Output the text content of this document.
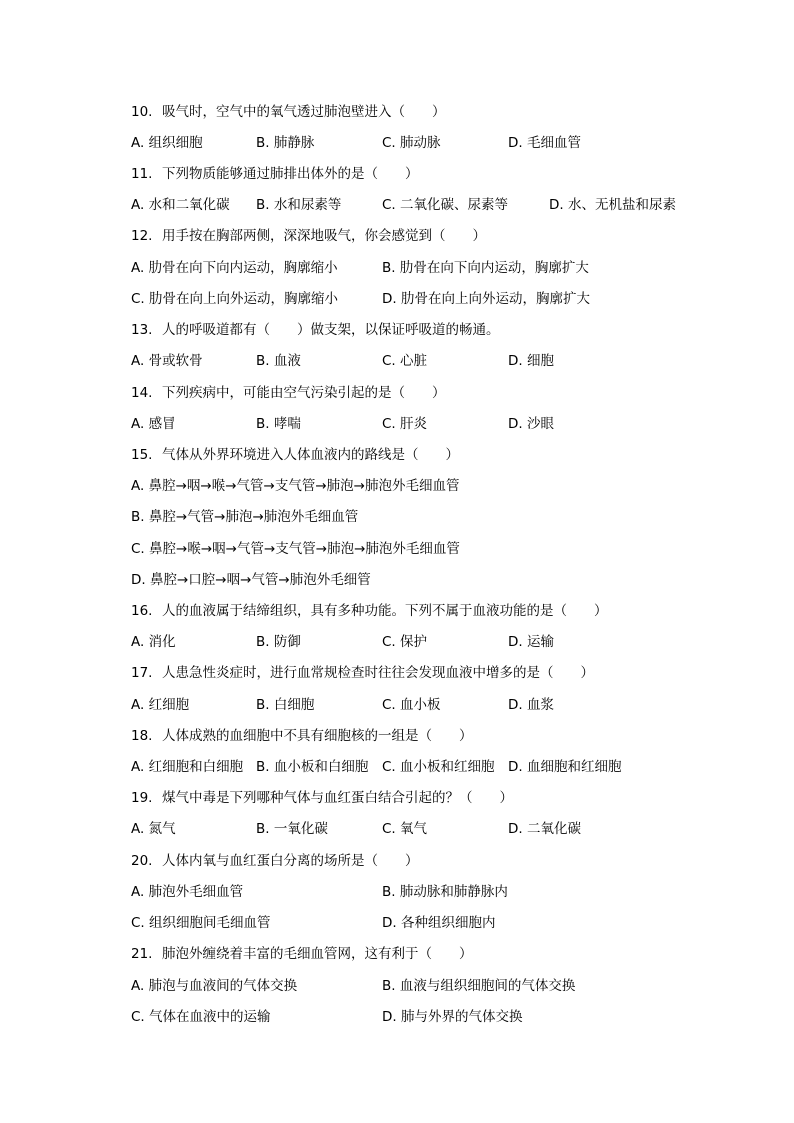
10. 吸气时，空气中的氧气透过肺泡壁进入（　　）
A. 组织细胞	B. 肺静脉	C. 肺动脉	D. 毛细血管
11. 下列物质能够通过肺排出体外的是（　　）
A. 水和二氧化碳 B. 水和尿素等	C. 二氧化碳、尿素等	D. 水、无机盐和尿素
12. 用手按在胸部两侧，深深地吸气，你会感觉到（　　）
A. 肋骨在向下向内运动，胸廓缩小	B. 肋骨在向下向内运动，胸廓扩大
C. 肋骨在向上向外运动，胸廓缩小	D. 肋骨在向上向外运动，胸廓扩大
13. 人的呼吸道都有（　　）做支架，以保证呼吸道的畅通。
A. 骨或软骨	B. 血液	C. 心脏	D. 细胞
14. 下列疾病中，可能由空气污染引起的是（　　）
A. 感冒	B. 哮喘	C. 肝炎	D. 沙眼
15. 气体从外界环境进入人体血液内的路线是（　　）
A. 鼻腔→咽→喉→气管→支气管→肺泡→肺泡外毛细血管
B. 鼻腔→气管→肺泡→肺泡外毛细血管
C. 鼻腔→喉→咽→气管→支气管→肺泡→肺泡外毛细血管
D. 鼻腔→口腔→咽→气管→肺泡外毛细管
16. 人的血液属于结缔组织，具有多种功能。下列不属于血液功能的是（　　）
A. 消化	B. 防御	C. 保护	D. 运输
17. 人患急性炎症时，进行血常规检查时往往会发现血液中增多的是（　　）
A. 红细胞	B. 白细胞	C. 血小板	D. 血浆
18. 人体成熟的血细胞中不具有细胞核的一组是（　　）
A. 红细胞和白细胞 B. 血小板和白细胞 C. 血小板和红细胞 D. 血细胞和红细胞
19. 煤气中毒是下列哪种气体与血红蛋白结合引起的？（　　）
A. 氮气	B. 一氧化碳	C. 氧气	D. 二氧化碳
20. 人体内氧与血红蛋白分离的场所是（　　）
A. 肺泡外毛细血管	B. 肺动脉和肺静脉内
C. 组织细胞间毛细血管	D. 各种组织细胞内
21. 肺泡外缠绕着丰富的毛细血管网，这有利于（　　）
A. 肺泡与血液间的气体交换	B. 血液与组织细胞间的气体交换
C. 气体在血液中的运输	D. 肺与外界的气体交换
